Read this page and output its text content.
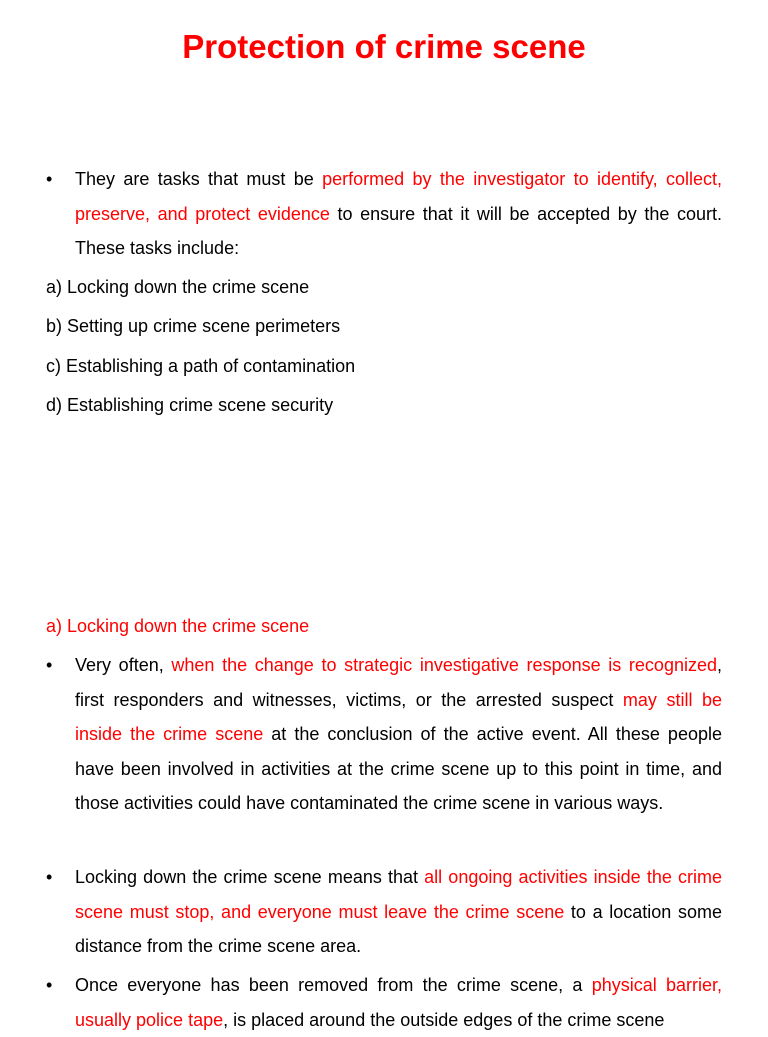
Protection of crime scene
•	They are tasks that must be performed by the investigator to identify, collect, preserve, and protect evidence to ensure that it will be accepted by the court. These tasks include:
a) Locking down the crime scene
b) Setting up crime scene perimeters
c) Establishing a path of contamination
d) Establishing crime scene security
a) Locking down the crime scene
•	Very often, when the change to strategic investigative response is recognized, first responders and witnesses, victims, or the arrested suspect may still be inside the crime scene at the conclusion of the active event. All these people have been involved in activities at the crime scene up to this point in time, and those activities could have contaminated the crime scene in various ways.
•	Locking down the crime scene means that all ongoing activities inside the crime scene must stop, and everyone must leave the crime scene to a location some distance from the crime scene area.
•	Once everyone has been removed from the crime scene, a physical barrier, usually police tape, is placed around the outside edges of the crime scene
